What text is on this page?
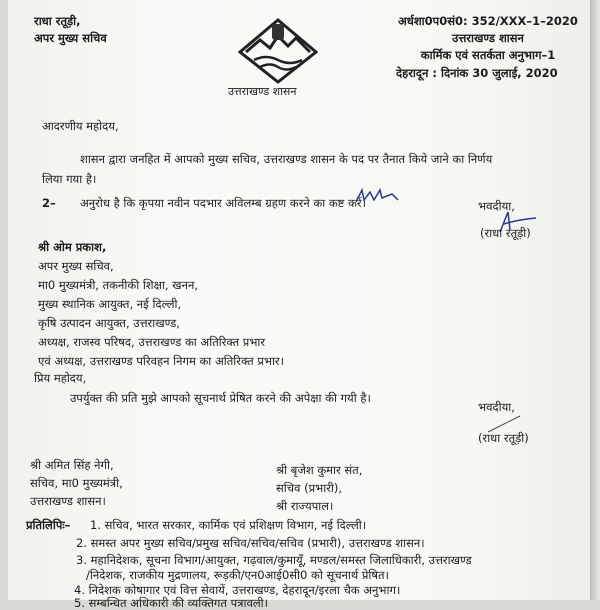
राधा रतूड़ी,
अपर मुख्य सचिव
उत्तराखण्ड शासन
अर्धशा0प0सं0: 352/XXX–1–2020
उत्तराखण्ड शासन
कार्मिक एवं सतर्कता अनुभाग–1
देहरादून : दिनांक 30 जुलाई, 2020
आदरणीय महोदय,
शासन द्वारा जनहित में आपको मुख्य सचिव, उत्तराखण्ड शासन के पद पर तैनात किये जाने का निर्णय
लिया गया है।
2– अनुरोध है कि कृपया नवीन पदभार अविलम्ब ग्रहण करने का कष्ट करें।	भवदीया,
(राधा रतूड़ी)
श्री ओम प्रकाश,
अपर मुख्य सचिव,
मा0 मुख्यमंत्री, तकनीकी शिक्षा, खनन,
मुख्य स्थानिक आयुक्त, नई दिल्ली,
कृषि उत्पादन आयुक्त, उत्तराखण्ड,
अध्यक्ष, राजस्व परिषद, उत्तराखण्ड का अतिरिक्त प्रभार
एवं अध्यक्ष, उत्तराखण्ड परिवहन निगम का अतिरिक्त प्रभार।
प्रिय महोदय,
उपर्युक्त की प्रति मुझे आपको सूचनार्थ प्रेषित करने की अपेक्षा की गयी है।
भवदीया,
(राधा रतूड़ी)
श्री अमित सिंह नेगी,
सचिव, मा0 मुख्यमंत्री,
उत्तराखण्ड शासन।
श्री बृजेश कुमार संत,
सचिव (प्रभारी),
श्री राज्यपाल।
प्रतिलिपिः– 1. सचिव, भारत सरकार, कार्मिक एवं प्रशिक्षण विभाग, नई दिल्ली।
2. समस्त अपर मुख्य सचिव/प्रमुख सचिव/सचिव/सचिव (प्रभारी), उत्तराखण्ड शासन।
3. महानिदेशक, सूचना विभाग/आयुक्त, गढ़वाल/कुमायूँ, मण्डल/समस्त जिलाधिकारी, उत्तराखण्ड
/निदेशक, राजकीय मुद्रणालय, रूड़की/एन0आई0सी0 को सूचनार्थ प्रेषित।
4. निदेशक कोषागार एवं वित्त सेवायें, उत्तराखण्ड, देहरादून/इरला चैक अनुभाग।
5. सम्बन्धित अधिकारी की व्यक्तिगत पत्रावली।
